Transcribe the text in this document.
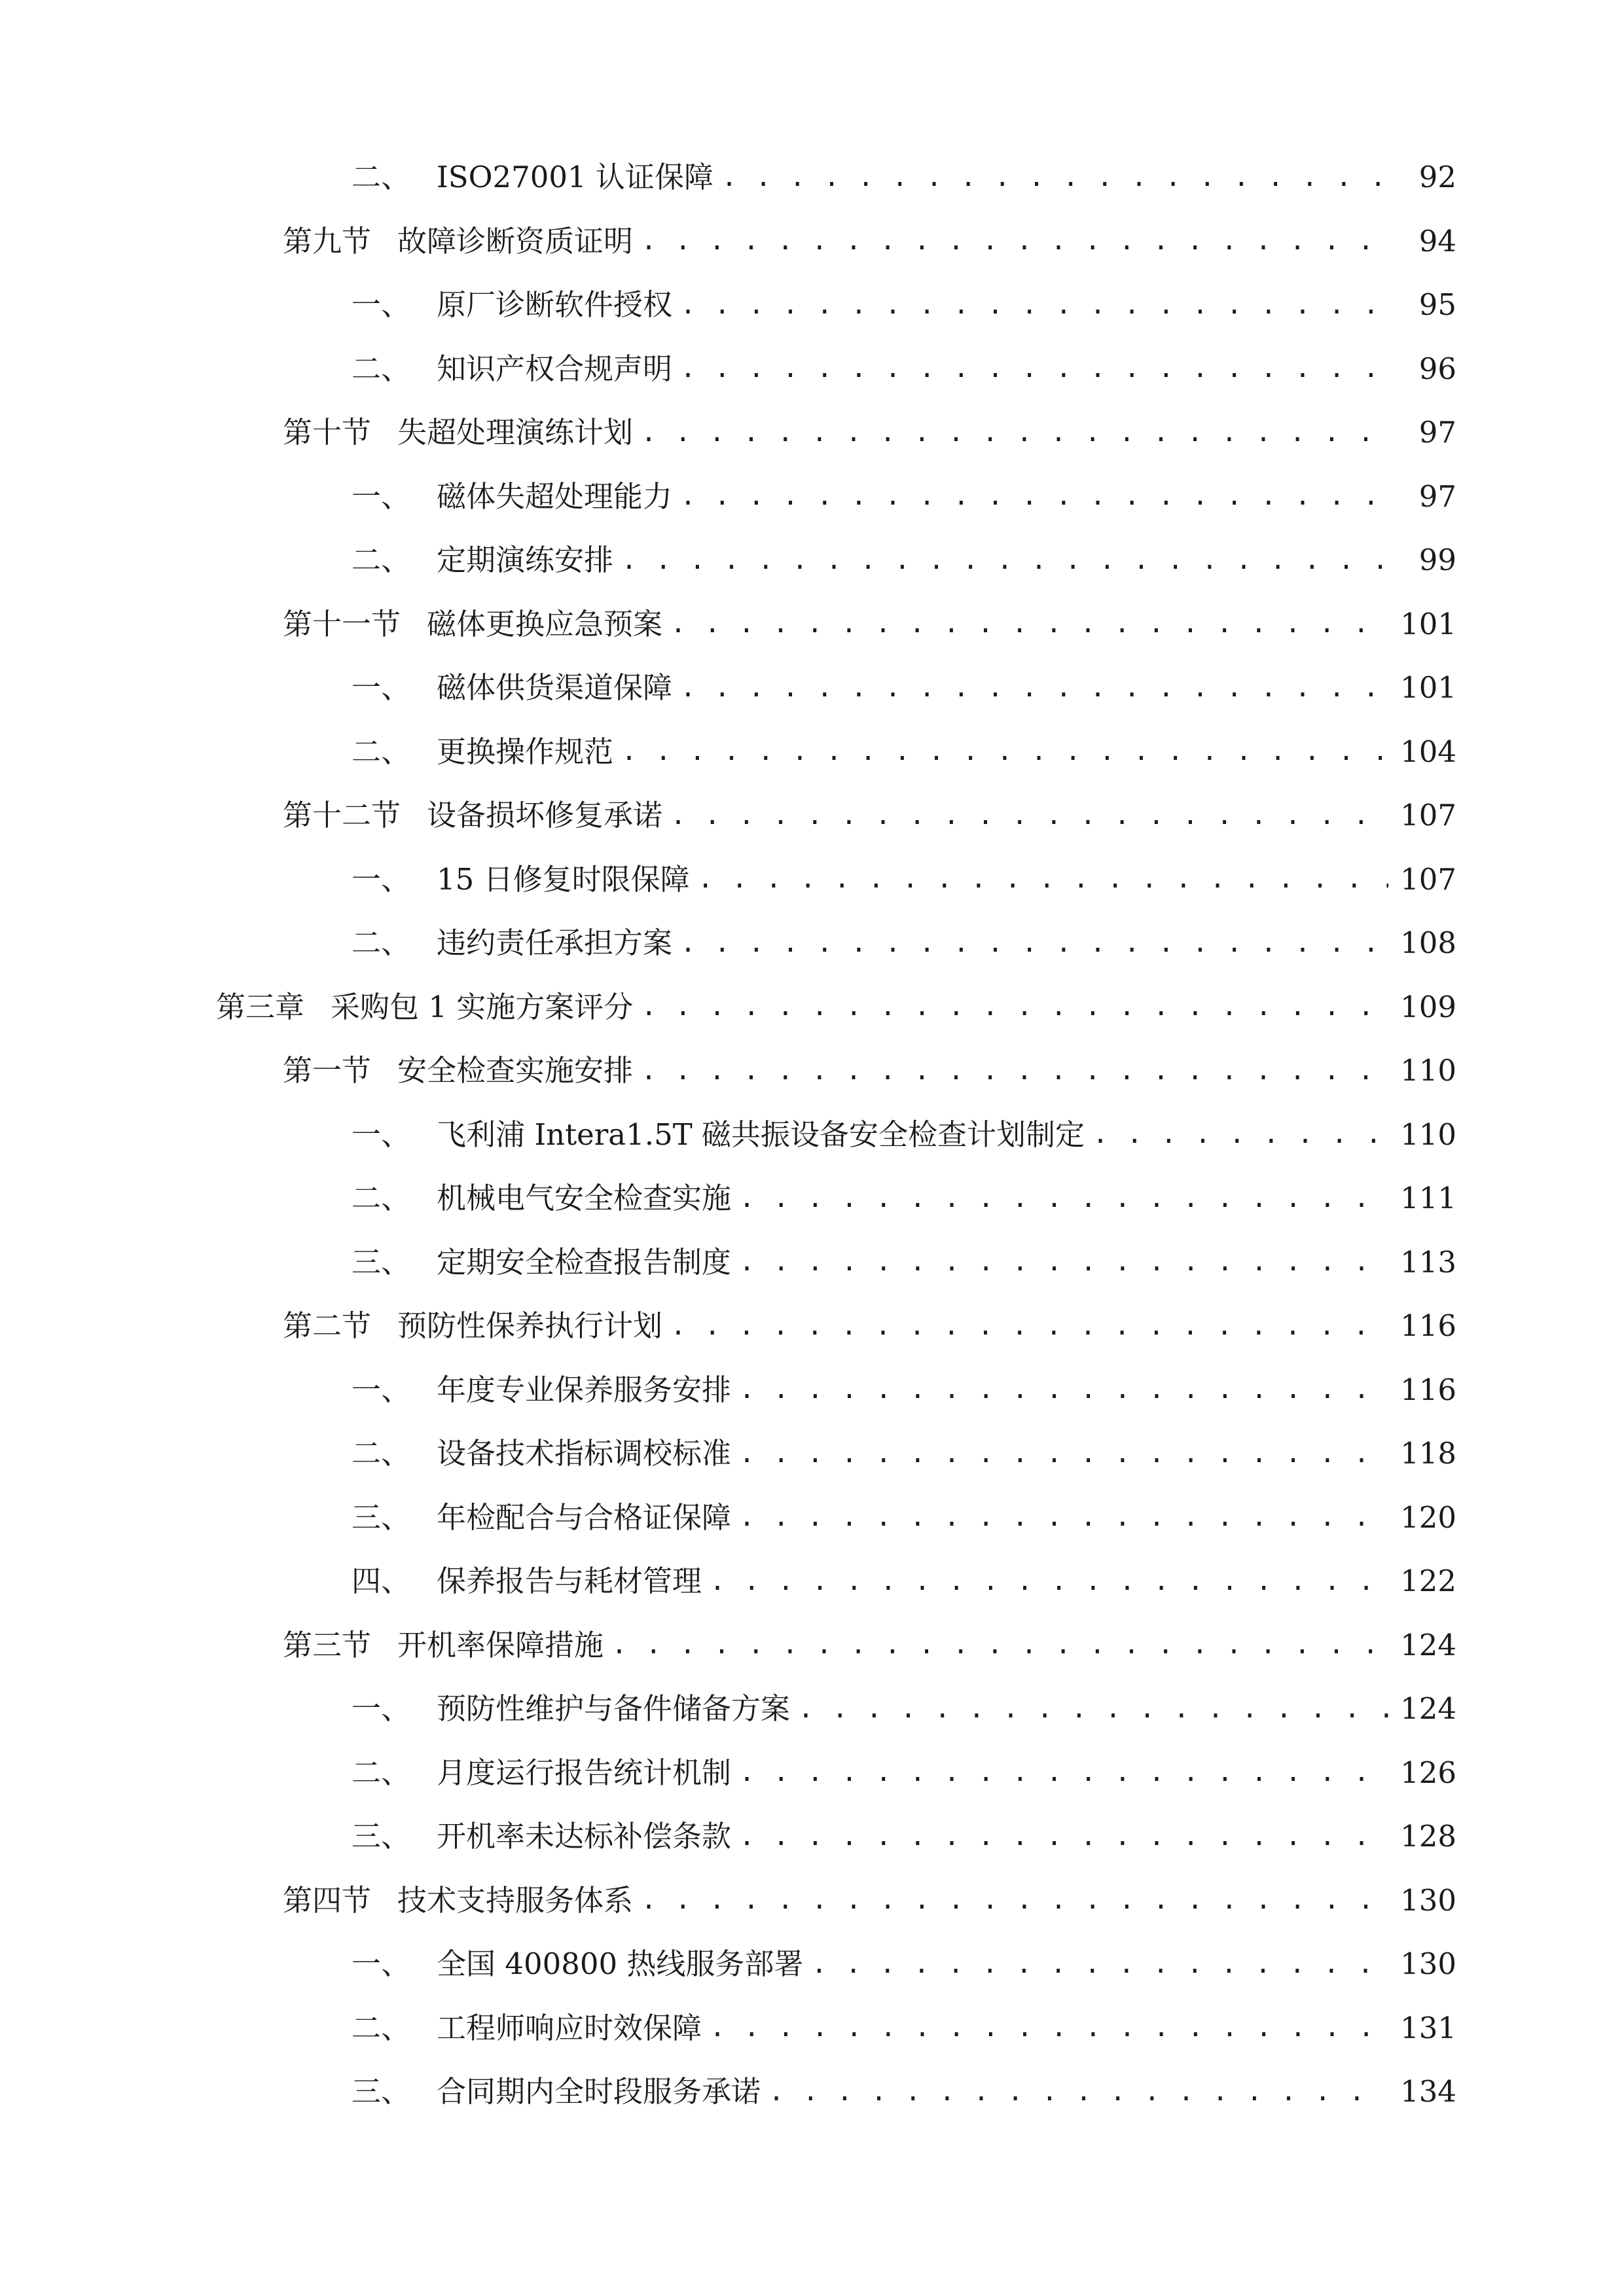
二、 ISO27001 认证保障 . . .	92
第九节 故障诊断资质证明 . . .	94
一、 原厂诊断软件授权 . . .	95
二、 知识产权合规声明 . . .	96
第十节 失超处理演练计划 . . .	97
一、 磁体失超处理能力 . . .	97
二、 定期演练安排 . . .	99
第十一节 磁体更换应急预案 . . .	101
一、 磁体供货渠道保障 . . .	101
二、 更换操作规范 . . .	104
第十二节 设备损坏修复承诺 . . .	107
一、 15 日修复时限保障 . . .	107
二、 违约责任承担方案 . . .	108
第三章 采购包 1 实施方案评分 . . .	109
第一节 安全检查实施安排 . . .	110
一、 飞利浦 Intera1.5T 磁共振设备安全检查计划制定 . . .	110
二、 机械电气安全检查实施 . . .	111
三、 定期安全检查报告制度 . . .	113
第二节 预防性保养执行计划 . . .	116
一、 年度专业保养服务安排 . . .	116
二、 设备技术指标调校标准 . . .	118
三、 年检配合与合格证保障 . . .	120
四、 保养报告与耗材管理 . . .	122
第三节 开机率保障措施 . . .	124
一、 预防性维护与备件储备方案 . . .	124
二、 月度运行报告统计机制 . . .	126
三、 开机率未达标补偿条款 . . .	128
第四节 技术支持服务体系 . . .	130
一、 全国 400800 热线服务部署 . . .	130
二、 工程师响应时效保障 . . .	131
三、 合同期内全时段服务承诺 . . .	134
